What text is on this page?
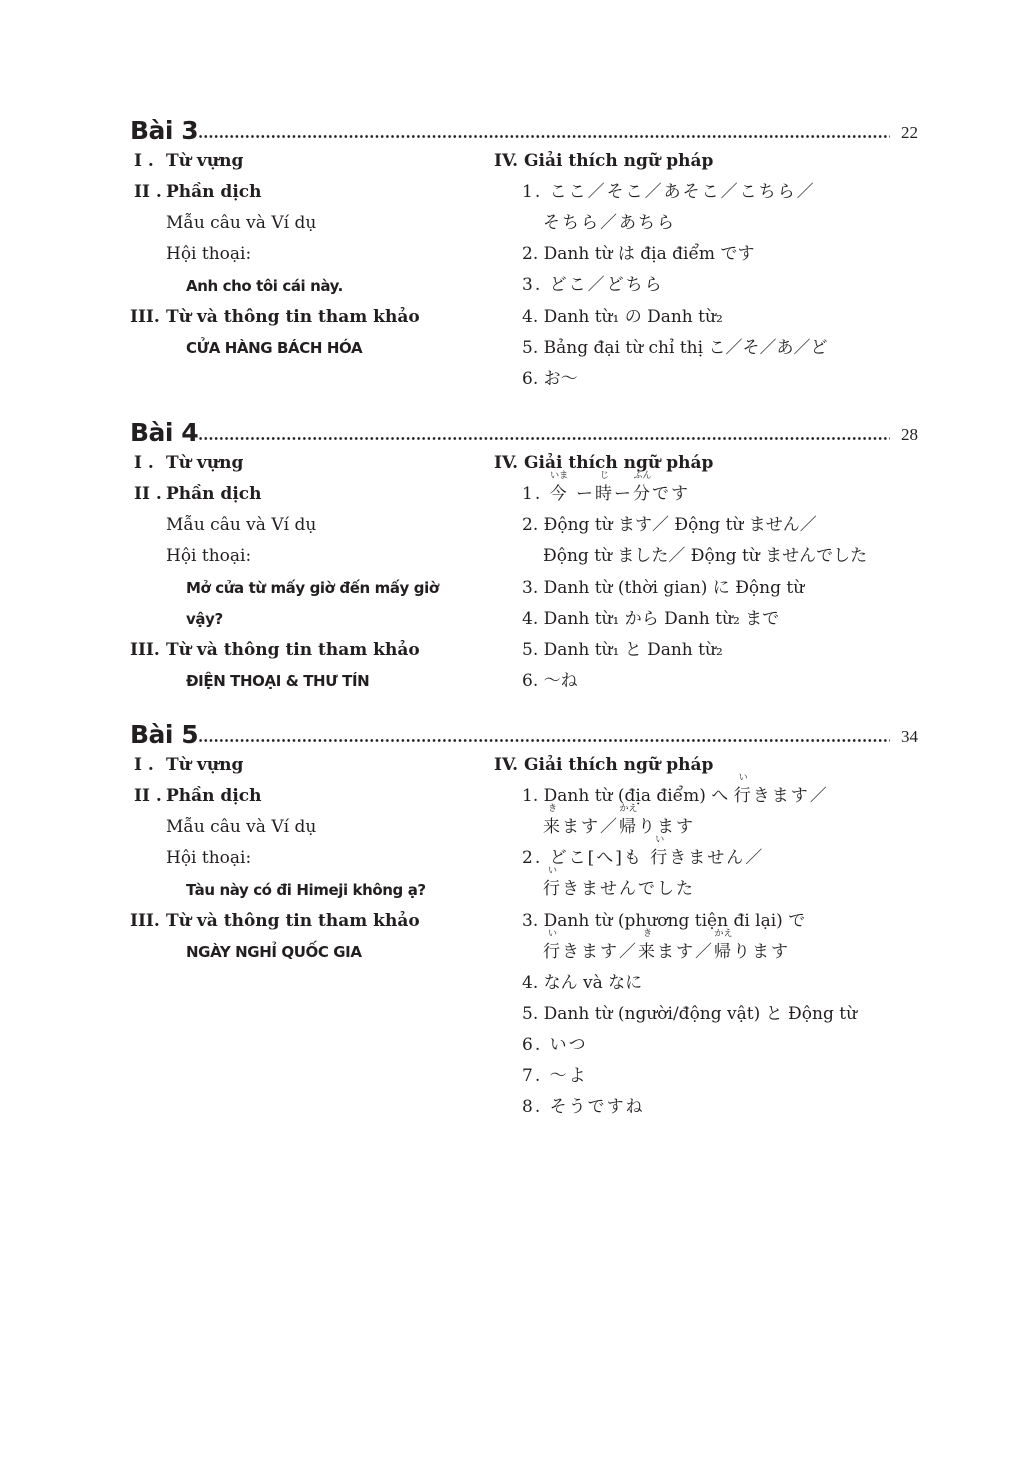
Bài 3	22
I . Từ vựng
II . Phần dịch
Mẫu câu và Ví dụ
Hội thoại:
Anh cho tôi cái này.
III. Từ và thông tin tham khảo
CỬA HÀNG BÁCH HÓA
IV. Giải thích ngữ pháp
1. ここ／そこ／あそこ／こちら／
そちら／あちら
2. Danh từ は địa điểm です
3. どこ／どちら
4. Danh từ₁ の Danh từ₂
5. Bảng đại từ chỉ thị こ／そ／あ／ど
6. お～
Bài 4	28
I . Từ vựng
II . Phần dịch
Mẫu câu và Ví dụ
Hội thoại:
Mở cửa từ mấy giờ đến mấy giờ
vậy?
III. Từ và thông tin tham khảo
ĐIỆN THOẠI & THƯ TÍN
IV. Giải thích ngữ pháp
1.
いま
今 ー
じ
時ー
ふん
分です
2. Động từ ます／ Động từ ません／
Động từ ました／ Động từ ませんでした
3. Danh từ (thời gian) に Động từ
4. Danh từ₁ から Danh từ₂ まで
5. Danh từ₁ と Danh từ₂
6. ～ね
Bài 5	34
I . Từ vựng
II . Phần dịch
Mẫu câu và Ví dụ
Hội thoại:
Tàu này có đi Himeji không ạ?
III. Từ và thông tin tham khảo
NGÀY NGHỈ QUỐC GIA
IV. Giải thích ngữ pháp
1. Danh từ (địa điểm) へ
い
行きます／
き
来ます／
かえ
帰ります
2. どこ[へ]も
い
行きません／
い
行きませんでした
3. Danh từ (phương tiện đi lại) で
い
行きます／
き
来ます／
かえ
帰ります
4. なん và なに
5. Danh từ (người/động vật) と Động từ
6. いつ
7. ～よ
8. そうですね
